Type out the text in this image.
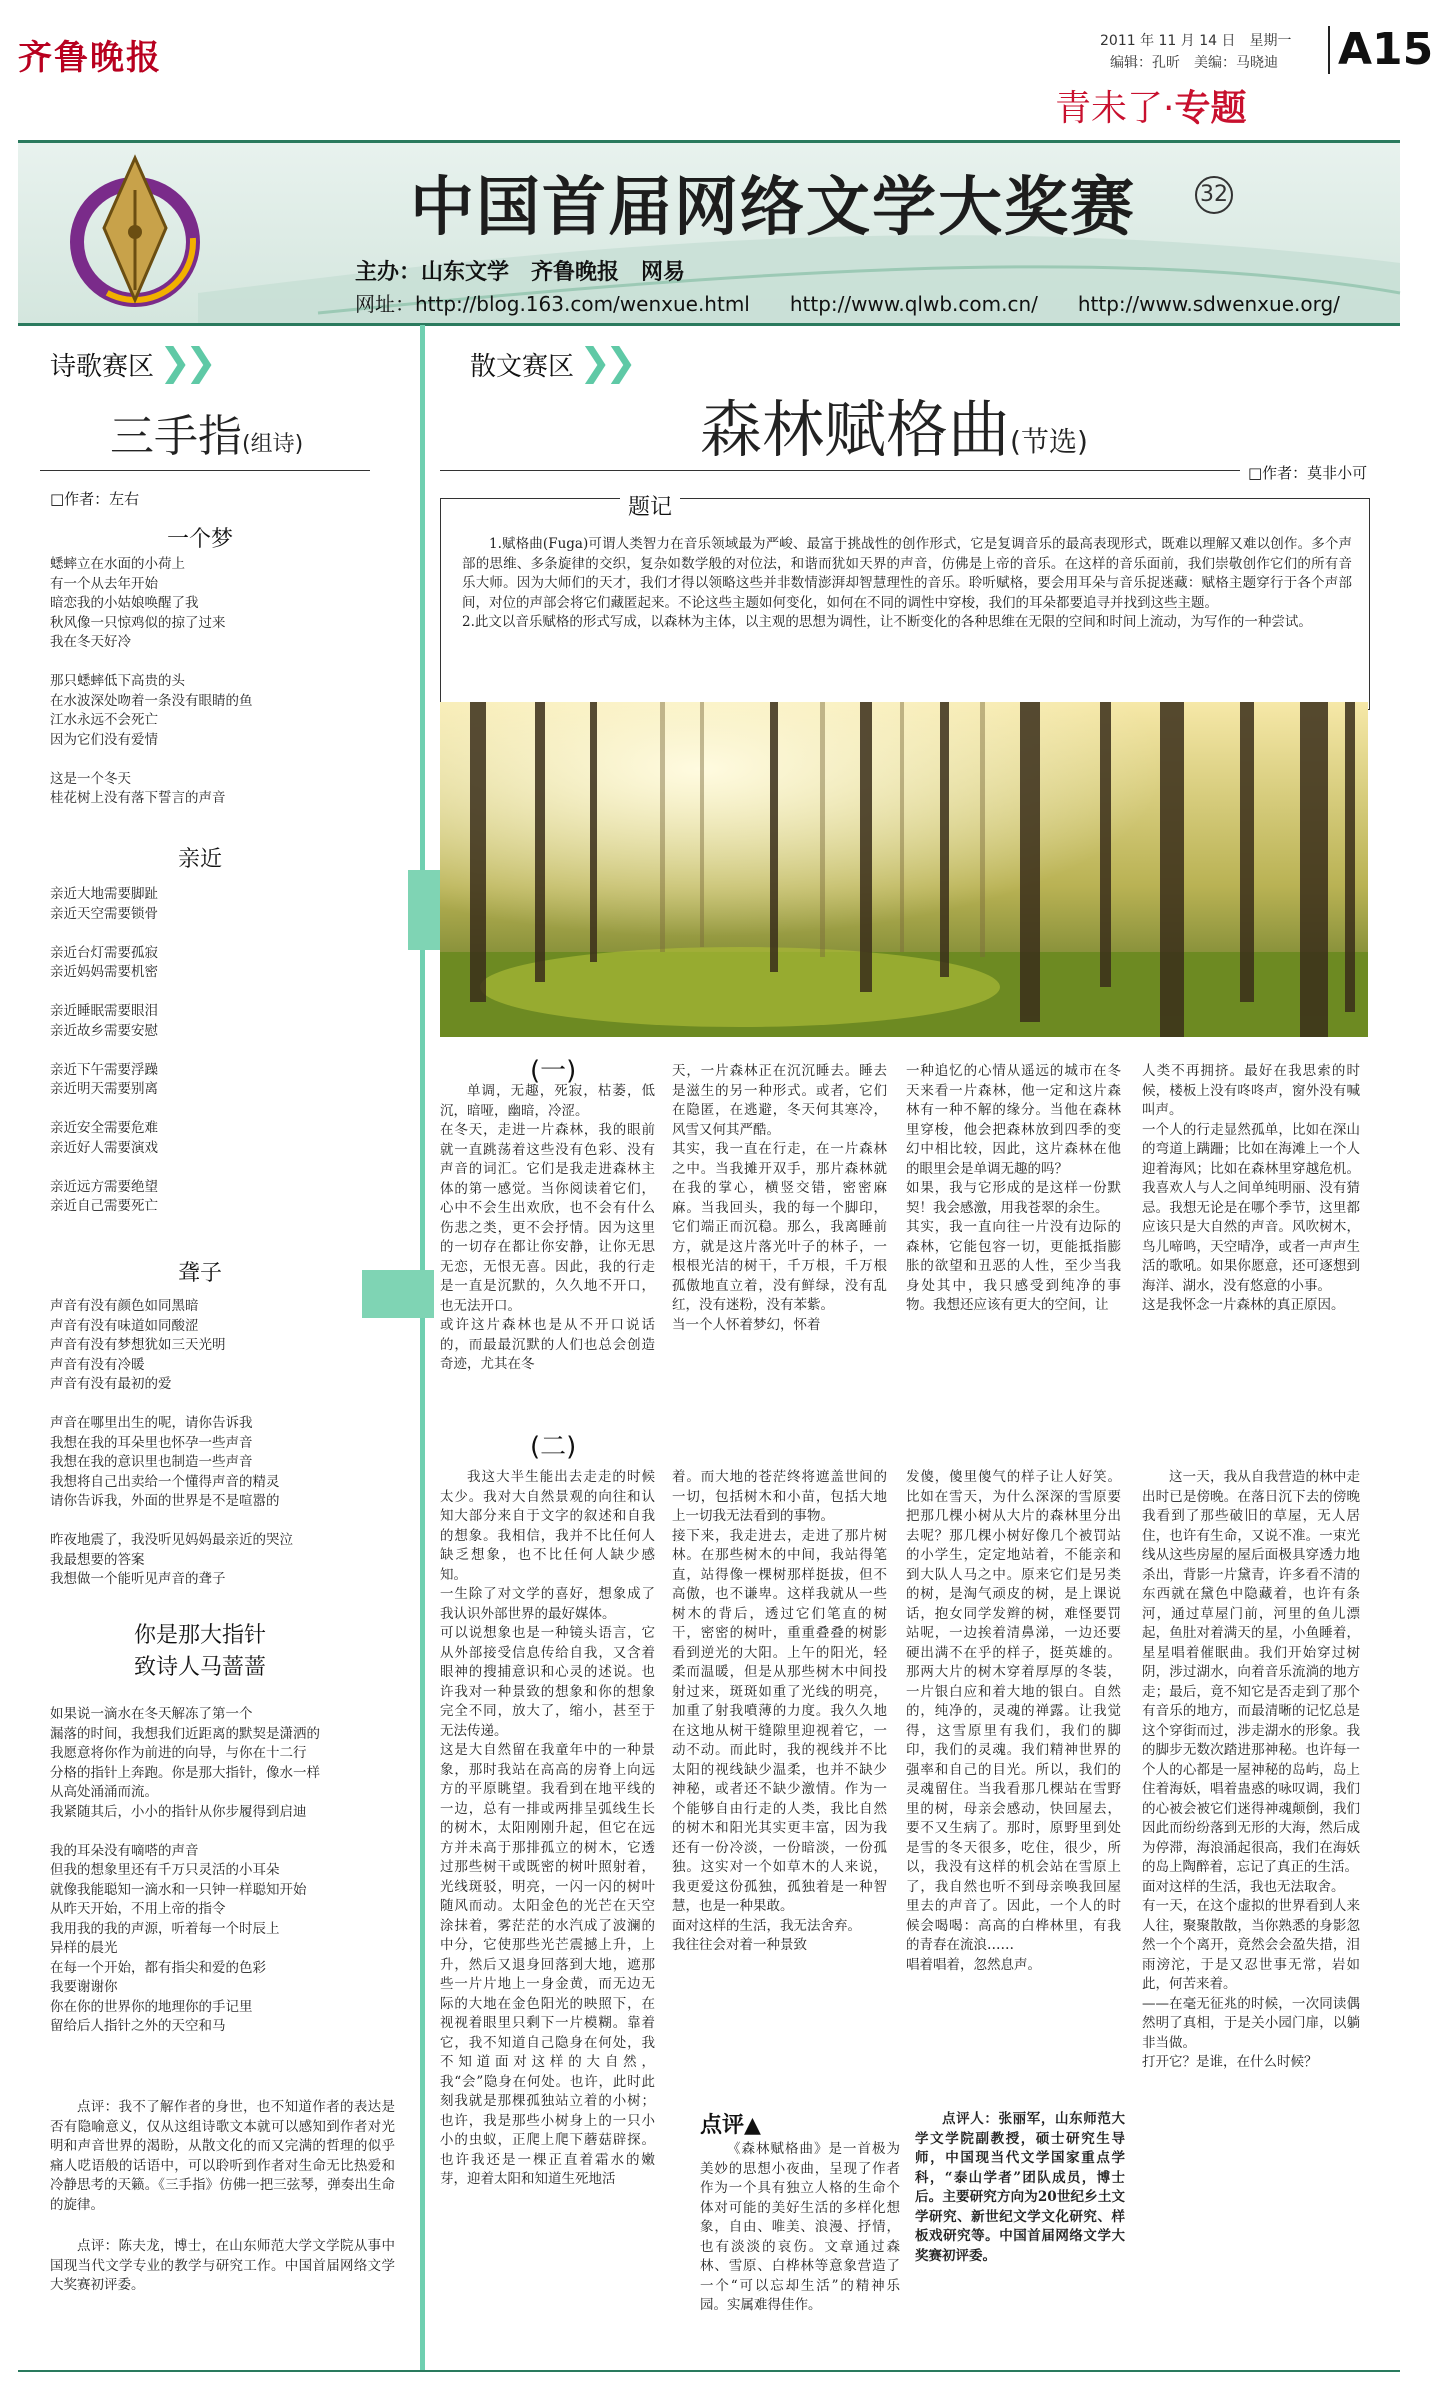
齐鲁晚报	2011 年 11 月 14 日　星期一
编辑：孔昕　美编：马晓迪 A15
青未了·专题
中国首届网络文学大奖赛	32
主办：山东文学　齐鲁晚报　网易
网址：http://blog.163.com/wenxue.html　　http://www.qlwb.com.cn/　　http://www.sdwenxue.org/
诗歌赛区 ❯❯
三手指(组诗)
□作者：左右
一个梦
蟋蟀立在水面的小荷上
有一个从去年开始
暗恋我的小姑娘唤醒了我
秋风像一只惊鸡似的掠了过来
我在冬天好冷

那只蟋蟀低下高贵的头
在水波深处吻着一条没有眼睛的鱼
江水永远不会死亡
因为它们没有爱情

这是一个冬天
桂花树上没有落下誓言的声音
亲近
亲近大地需要脚趾
亲近天空需要锁骨

亲近台灯需要孤寂
亲近妈妈需要机密

亲近睡眠需要眼泪
亲近故乡需要安慰

亲近下午需要浮躁
亲近明天需要别离

亲近安全需要危难
亲近好人需要演戏

亲近远方需要绝望
亲近自己需要死亡
聋子
声音有没有颜色如同黑暗
声音有没有味道如同酸涩
声音有没有梦想犹如三天光明
声音有没有冷暖
声音有没有最初的爱

声音在哪里出生的呢，请你告诉我
我想在我的耳朵里也怀孕一些声音
我想在我的意识里也制造一些声音
我想将自己出卖给一个懂得声音的精灵
请你告诉我，外面的世界是不是喧嚣的

昨夜地震了，我没听见妈妈最亲近的哭泣
我最想要的答案
我想做一个能听见声音的聋子
你是那大指针
致诗人马蔷蔷
如果说一滴水在冬天解冻了第一个
漏落的时间，我想我们近距离的默契是潇洒的
我愿意将你作为前进的向导，与你在十二行
分格的指针上奔跑。你是那大指针，像水一样
从高处涌涌而流。
我紧随其后，小小的指针从你步履得到启迪

我的耳朵没有嘀嗒的声音
但我的想象里还有千万只灵活的小耳朵
就像我能聪知一滴水和一只钟一样聪知开始
从昨天开始，不用上帝的指令
我用我的我的声源，听着每一个时辰上
异样的晨光
在每一个开始，都有指尖和爱的色彩
我要谢谢你
你在你的世界你的地理你的手记里
留给后人指针之外的天空和马
点评：我不了解作者的身世，也不知道作者的表达是否有隐喻意义，仅从这组诗歌文本就可以感知到作者对光明和声音世界的渴盼，从散文化的而又完满的哲理的似乎痛人呓语般的话语中，可以聆听到作者对生命无比热爱和冷静思考的天籁。《三手指》仿佛一把三弦琴，弹奏出生命的旋律。
点评：陈夫龙，博士，在山东师范大学文学院从事中国现当代文学专业的教学与研究工作。中国首届网络文学大奖赛初评委。
散文赛区 ❯❯
森林赋格曲(节选)
□作者：莫非小可
题记
1.赋格曲(Fuga)可谓人类智力在音乐领域最为严峻、最富于挑战性的创作形式，它是复调音乐的最高表现形式，既难以理解又难以创作。多个声部的思维、多条旋律的交织，复杂如数学般的对位法，和谐而犹如天界的声音，仿佛是上帝的音乐。在这样的音乐面前，我们崇敬创作它们的所有音乐大师。因为大师们的天才，我们才得以领略这些并非数情澎湃却智慧理性的音乐。聆听赋格，要会用耳朵与音乐捉迷藏：赋格主题穿行于各个声部间，对位的声部会将它们藏匿起来。不论这些主题如何变化，如何在不同的调性中穿梭，我们的耳朵都要追寻并找到这些主题。
2.此文以音乐赋格的形式写成，以森林为主体，以主观的思想为调性，让不断变化的各种思维在无限的空间和时间上流动，为写作的一种尝试。
(一)
单调，无趣，死寂，枯萎，低沉，暗哑，幽暗，冷涩。
在冬天，走进一片森林，我的眼前就一直跳荡着这些没有色彩、没有声音的词汇。它们是我走进森林主体的第一感觉。当你阅读着它们，心中不会生出欢欣，也不会有什么伤悲之类，更不会抒情。因为这里的一切存在都让你安静，让你无思无恋，无恨无喜。因此，我的行走是一直是沉默的，久久地不开口，也无法开口。
或许这片森林也是从不开口说话的，而最最沉默的人们也总会创造奇迹，尤其在冬
天，一片森林正在沉沉睡去。睡去是滋生的另一种形式。或者，它们在隐匿，在逃避，冬天何其寒冷，风雪又何其严酷。
其实，我一直在行走，在一片森林之中。当我摊开双手，那片森林就在我的掌心，横竖交错，密密麻麻。当我回头，我的每一个脚印，它们端正而沉稳。那么，我离睡前方，就是这片落光叶子的林子，一根根光洁的树干，千万根，千万根孤傲地直立着，没有鲜绿，没有乱红，没有迷粉，没有苯紫。
当一个人怀着梦幻，怀着
一种追忆的心情从遥远的城市在冬天来看一片森林，他一定和这片森林有一种不解的缘分。当他在森林里穿梭，他会把森林放到四季的变幻中相比较，因此，这片森林在他的眼里会是单调无趣的吗？
如果，我与它形成的是这样一份默契！我会感激，用我苍翠的余生。
其实，我一直向往一片没有边际的森林，它能包容一切，更能抵指膨胀的欲望和丑恶的人性，至少当我身处其中，我只感受到纯净的事物。我想还应该有更大的空间，让
人类不再拥挤。最好在我思索的时候，楼板上没有咚咚声，窗外没有喊叫声。
一个人的行走显然孤单，比如在深山的弯道上蹒跚；比如在海滩上一个人迎着海风；比如在森林里穿越危机。我喜欢人与人之间单纯明丽、没有猜忌。我想无论是在哪个季节，这里都应该只是大自然的声音。风吹树木，鸟儿啼鸣，天空晴净，或者一声声生活的歌吼。如果你愿意，还可逐想到海洋、湖水，没有悠意的小事。
这是我怀念一片森林的真正原因。
(二)
我这大半生能出去走走的时候太少。我对大自然景观的向往和认知大部分来自于文字的叙述和自我的想象。我相信，我并不比任何人缺乏想象，也不比任何人缺少感知。
一生除了对文学的喜好，想象成了我认识外部世界的最好媒体。
可以说想象也是一种镜头语言，它从外部接受信息传给自我，又含着眼神的搜捕意识和心灵的述说。也许我对一种景致的想象和你的想象完全不同，放大了，缩小，甚至于无法传递。
这是大自然留在我童年中的一种景象，那时我站在高高的房脊上向远方的平原眺望。我看到在地平线的一边，总有一排或两排呈弧线生长的树木，太阳刚刚升起，但它在远方并未高于那排孤立的树木，它透过那些树干或既密的树叶照射着，光线斑驳，明亮，一闪一闪的树叶随风而动。太阳金色的光芒在天空涂抹着，雾茫茫的水汽成了波澜的中分，它使那些光芒震撼上升，上升，然后又退身回落到大地，遮那些一片片地上一身金黄，而无边无际的大地在金色阳光的映照下，在视视着眼里只剩下一片模糊。靠着它，我不知道自己隐身在何处，我不知道面对这样的大自然，我“会”隐身在何处。也许，此时此刻我就是那棵孤独站立着的小树；也许，我是那些小树身上的一只小小的虫蚁，正爬上爬下蘑菇辟探。也许我还是一棵正直着霜水的嫩芽，迎着太阳和知道生死地活
着。而大地的苍茫终将遮盖世间的一切，包括树木和小苗，包括大地上一切我无法看到的事物。
接下来，我走进去，走进了那片树林。在那些树木的中间，我站得笔直，站得像一棵树那样挺拔，但不高傲，也不谦卑。这样我就从一些树木的背后，透过它们笔直的树干，密密的树叶，重重叠叠的树影看到逆光的大阳。上午的阳光，轻柔而温暖，但是从那些树木中间投射过来，斑斑如重了光线的明亮，加重了射我噴薄的力度。我久久地在这地从树干缝隙里迎视着它，一动不动。而此时，我的视线并不比太阳的视线缺少温柔，也并不缺少神秘，或者还不缺少激情。作为一个能够自由行走的人类，我比自然的树木和阳光其实更丰富，因为我还有一份冷淡，一份暗淡，一份孤独。这实对一个如草木的人来说，我更爱这份孤独，孤独着是一种智慧，也是一种果敢。
面对这样的生活，我无法舍弃。
我往往会对着一种景致
发傻，傻里傻气的样子让人好笑。比如在雪天，为什么深深的雪原要把那几棵小树从大片的森林里分出去呢？那几棵小树好像几个被罚站的小学生，定定地站着，不能亲和到大队人马之中。原来它们是另类的树，是淘气顽皮的树，是上课说话，抱女同学发辫的树，难怪要罚站呢，一边挨着清鼻涕，一边还要硬出满不在乎的样子，挺英雄的。那两大片的树木穿着厚厚的冬装，一片银白应和着大地的银白。自然的，纯净的，灵魂的禅露。让我觉得，这雪原里有我们，我们的脚印，我们的灵魂。我们精神世界的强率和自己的目光。所以，我们的灵魂留住。当我看那几棵站在雪野里的树，母亲会感动，快回屋去，要不又生病了。那时，原野里到处是雪的冬天很多，吃住，很少，所以，我没有这样的机会站在雪原上了，我自然也听不到母亲唤我回屋里去的声音了。因此，一个人的时候会喝喝：高高的白桦林里，有我的青春在流浪……
唱着唱着，忽然息声。
这一天，我从自我营造的林中走出时已是傍晚。在落日沉下去的傍晚我看到了那些破旧的草屋，无人居住，也许有生命，又说不准。一束光线从这些房屋的屋后面极具穿透力地杀出，背影一片黛青，许多看不清的东西就在黛色中隐藏着，也许有条河，通过草屋门前，河里的鱼儿漂起，鱼肚对着满天的星，小鱼睡着，星星唱着催眠曲。我们开始穿过树阴，涉过湖水，向着音乐流淌的地方走；最后，竟不知它是否走到了那个有音乐的地方，而最清晰的记忆总是这个穿街而过，涉走湖水的形象。我的脚步无数次踏进那神秘。也许每一个人的心都是一屋神秘的岛屿，岛上住着海妖，唱着蛊惑的咏叹调，我们的心被会被它们迷得神魂颠倒，我们因此而纷纷落到无形的大海，然后成为停滞，海浪涌起很高，我们在海妖的岛上陶醉着，忘记了真正的生活。
面对这样的生活，我也无法取舍。
有一天，在这个虚拟的世界看到人来人往，聚聚散散，当你熟悉的身影忽然一个个离开，竟然会会盈失措，泪雨滂沱，于是又忍世事无常，岩如此，何苦来着。
——在毫无征兆的时候，一次同读偶然明了真相，于是关小园门扉，以躺非当做。
打开它？是谁，在什么时候？
点评▲
《森林赋格曲》是一首极为美妙的思想小夜曲，呈现了作者作为一个具有独立人格的生命个体对可能的美好生活的多样化想象，自由、唯美、浪漫、抒情，也有淡淡的哀伤。文章通过森林、雪原、白桦林等意象营造了一个“可以忘却生活”的精神乐园。实属难得佳作。
点评人：张丽军，山东师范大学文学院副教授，硕士研究生导师，中国现当代文学国家重点学科，“泰山学者”团队成员，博士后。主要研究方向为20世纪乡土文学研究、新世纪文学文化研究、样板戏研究等。中国首届网络文学大奖赛初评委。
